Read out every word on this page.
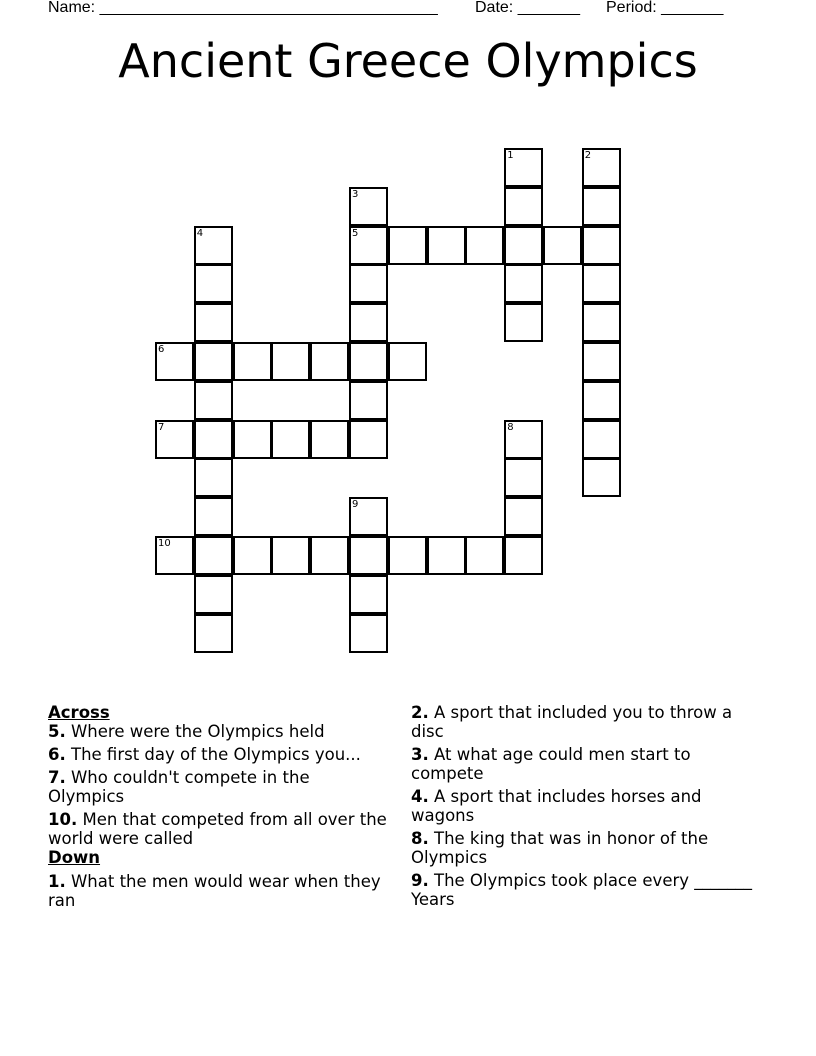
Name: ______________________________________ Date: _______ Period: _______
Ancient Greece Olympics
1	2
3
4	5
6
7	8
9
10

Across

5. Where were the Olympics held

6. The first day of the Olympics you...

7. Who couldn't compete in the Olympics

10. Men that competed from all over the world were called

Down

1. What the men would wear when they ran

2. A sport that included you to throw a disc

3. At what age could men start to compete

4. A sport that includes horses and wagons

8. The king that was in honor of the Olympics

9. The Olympics took place every _______ Years
